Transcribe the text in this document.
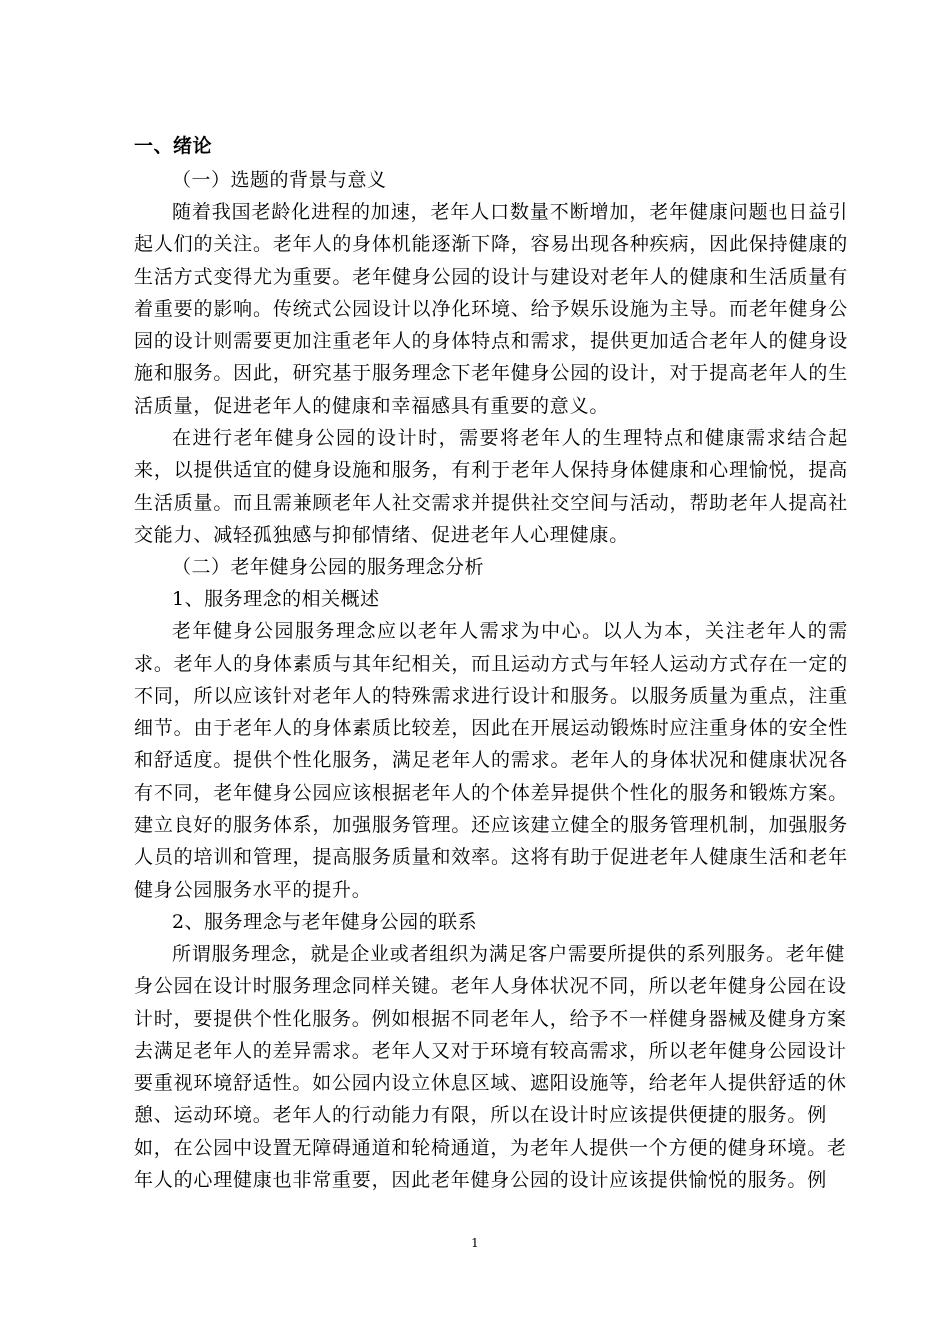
一、绪论
（一）选题的背景与意义

随着我国老龄化进程的加速，老年人口数量不断增加，老年健康问题也日益引起人们的关注。老年人的身体机能逐渐下降，容易出现各种疾病，因此保持健康的生活方式变得尤为重要。老年健身公园的设计与建设对老年人的健康和生活质量有着重要的影响。传统式公园设计以净化环境、给予娱乐设施为主导。而老年健身公园的设计则需要更加注重老年人的身体特点和需求，提供更加适合老年人的健身设施和服务。因此，研究基于服务理念下老年健身公园的设计，对于提高老年人的生活质量，促进老年人的健康和幸福感具有重要的意义。

在进行老年健身公园的设计时，需要将老年人的生理特点和健康需求结合起来，以提供适宜的健身设施和服务，有利于老年人保持身体健康和心理愉悦，提高生活质量。而且需兼顾老年人社交需求并提供社交空间与活动，帮助老年人提高社交能力、减轻孤独感与抑郁情绪、促进老年人心理健康。

（二）老年健身公园的服务理念分析
1、服务理念的相关概述

老年健身公园服务理念应以老年人需求为中心。以人为本，关注老年人的需求。老年人的身体素质与其年纪相关，而且运动方式与年轻人运动方式存在一定的不同，所以应该针对老年人的特殊需求进行设计和服务。以服务质量为重点，注重细节。由于老年人的身体素质比较差，因此在开展运动锻炼时应注重身体的安全性和舒适度。提供个性化服务，满足老年人的需求。老年人的身体状况和健康状况各有不同，老年健身公园应该根据老年人的个体差异提供个性化的服务和锻炼方案。建立良好的服务体系，加强服务管理。还应该建立健全的服务管理机制，加强服务人员的培训和管理，提高服务质量和效率。这将有助于促进老年人健康生活和老年健身公园服务水平的提升。

2、服务理念与老年健身公园的联系

所谓服务理念，就是企业或者组织为满足客户需要所提供的系列服务。老年健身公园在设计时服务理念同样关键。老年人身体状况不同，所以老年健身公园在设计时，要提供个性化服务。例如根据不同老年人，给予不一样健身器械及健身方案去满足老年人的差异需求。老年人又对于环境有较高需求，所以老年健身公园设计要重视环境舒适性。如公园内设立休息区域、遮阳设施等，给老年人提供舒适的休憩、运动环境。老年人的行动能力有限，所以在设计时应该提供便捷的服务。例如，在公园中设置无障碍通道和轮椅通道，为老年人提供一个方便的健身环境。老年人的心理健康也非常重要，因此老年健身公园的设计应该提供愉悦的服务。例

1
